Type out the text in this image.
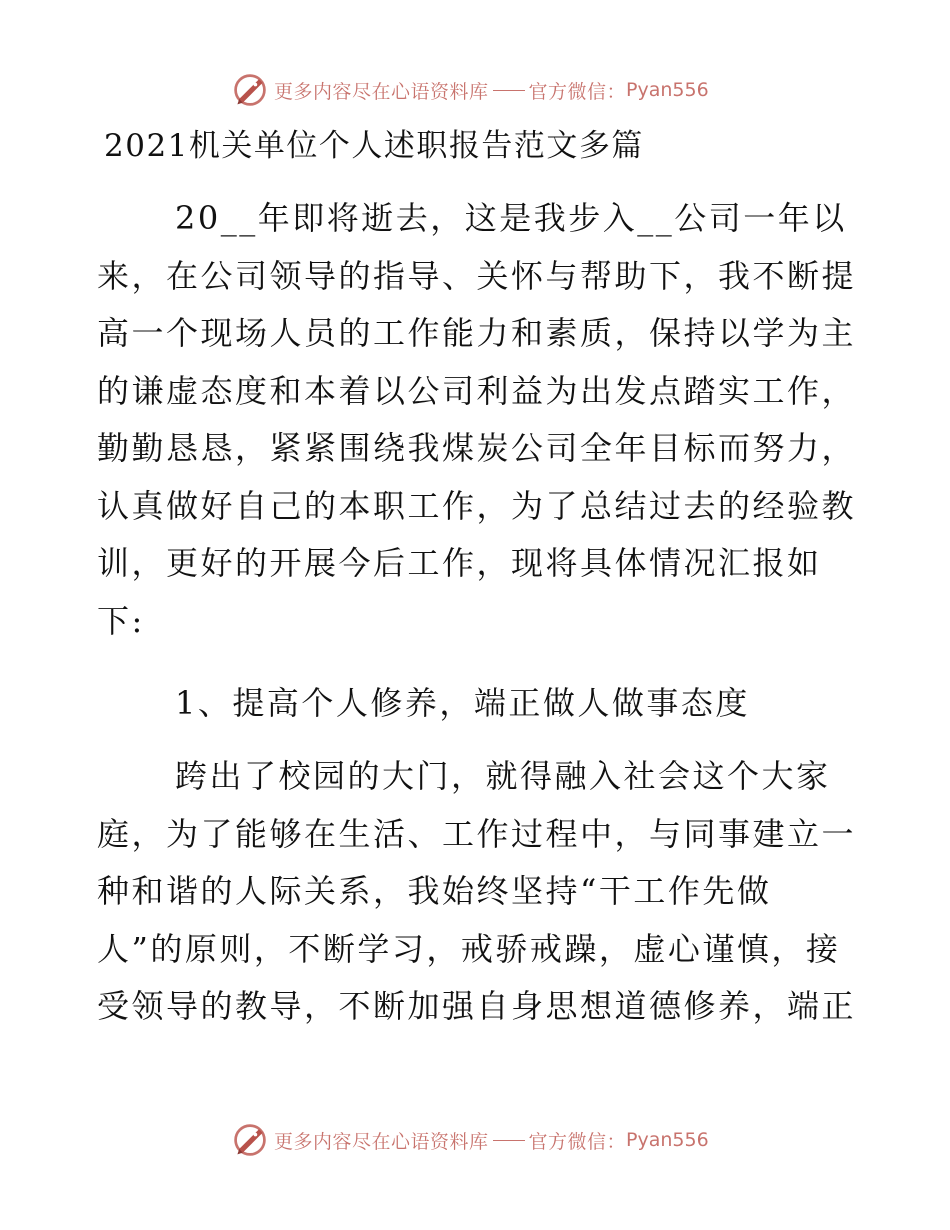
更多内容尽在心语资料库 官方微信： Pyan556
2021机关单位个人述职报告范文多篇

20__年即将逝去，这是我步入__公司一年以
来，在公司领导的指导、关怀与帮助下，我不断提
高一个现场人员的工作能力和素质，保持以学为主
的谦虚态度和本着以公司利益为出发点踏实工作，
勤勤恳恳，紧紧围绕我煤炭公司全年目标而努力，
认真做好自己的本职工作，为了总结过去的经验教
训，更好的开展今后工作，现将具体情况汇报如
下:

1、提高个人修养，端正做人做事态度

跨出了校园的大门，就得融入社会这个大家
庭，为了能够在生活、工作过程中，与同事建立一
种和谐的人际关系，我始终坚持“干工作先做
人”的原则，不断学习，戒骄戒躁，虚心谨慎，接
受领导的教导，不断加强自身思想道德修养，端正

更多内容尽在心语资料库 官方微信： Pyan556
